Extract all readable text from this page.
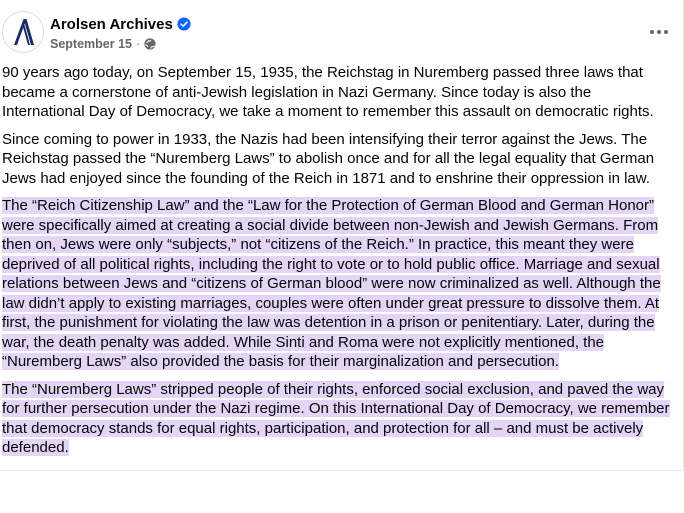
Arolsen Archives
September 15 ·

90 years ago today, on September 15, 1935, the Reichstag in Nuremberg passed three laws that became a cornerstone of anti-Jewish legislation in Nazi Germany. Since today is also the International Day of Democracy, we take a moment to remember this assault on democratic rights.

Since coming to power in 1933, the Nazis had been intensifying their terror against the Jews. The Reichstag passed the “Nuremberg Laws” to abolish once and for all the legal equality that German Jews had enjoyed since the founding of the Reich in 1871 and to enshrine their oppression in law.

The “Reich Citizenship Law” and the “Law for the Protection of German Blood and German Honor” were specifically aimed at creating a social divide between non-Jewish and Jewish Germans. From then on, Jews were only “subjects,” not “citizens of the Reich.” In practice, this meant they were deprived of all political rights, including the right to vote or to hold public office. Marriage and sexual relations between Jews and “citizens of German blood” were now criminalized as well. Although the law didn’t apply to existing marriages, couples were often under great pressure to dissolve them. At first, the punishment for violating the law was detention in a prison or penitentiary. Later, during the war, the death penalty was added. While Sinti and Roma were not explicitly mentioned, the “Nuremberg Laws” also provided the basis for their marginalization and persecution.

The “Nuremberg Laws” stripped people of their rights, enforced social exclusion, and paved the way for further persecution under the Nazi regime. On this International Day of Democracy, we remember that democracy stands for equal rights, participation, and protection for all – and must be actively defended.
